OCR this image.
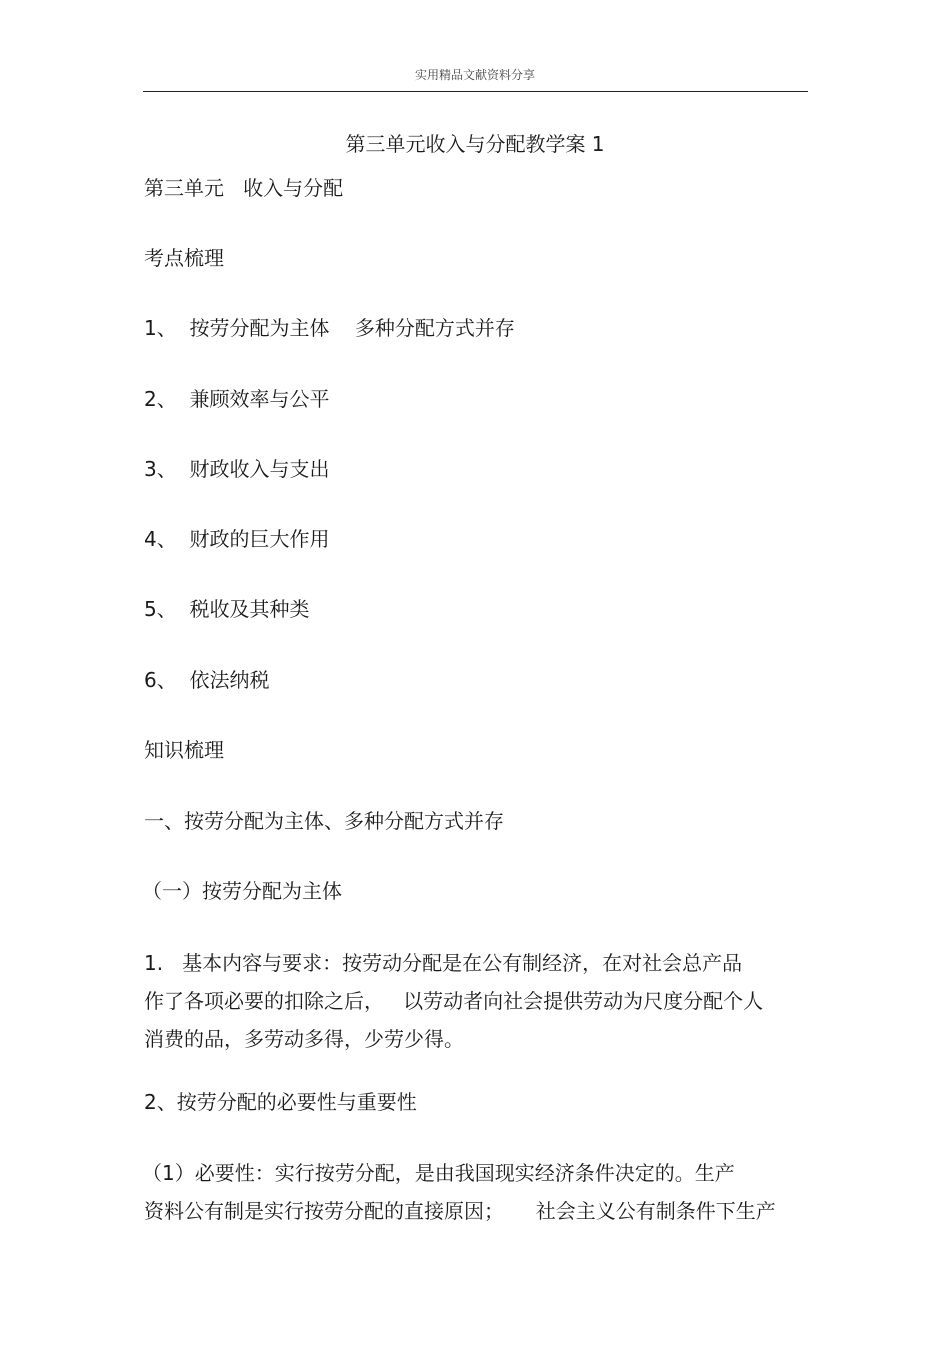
实用精品文献资料分享
第三单元收入与分配教学案 1
第三单元   收入与分配
考点梳理
1、  按劳分配为主体    多种分配方式并存
2、  兼顾效率与公平
3、  财政收入与支出
4、  财政的巨大作用
5、  税收及其种类
6、  依法纳税
知识梳理
一、按劳分配为主体、多种分配方式并存
（一）按劳分配为主体
1.   基本内容与要求：按劳动分配是在公有制经济，在对社会总产品
作了各项必要的扣除之后，   以劳动者向社会提供劳动为尺度分配个人
消费的品，多劳动多得，少劳少得。
2、按劳分配的必要性与重要性
（1）必要性：实行按劳分配，是由我国现实经济条件决定的。生产
资料公有制是实行按劳分配的直接原因；     社会主义公有制条件下生产
